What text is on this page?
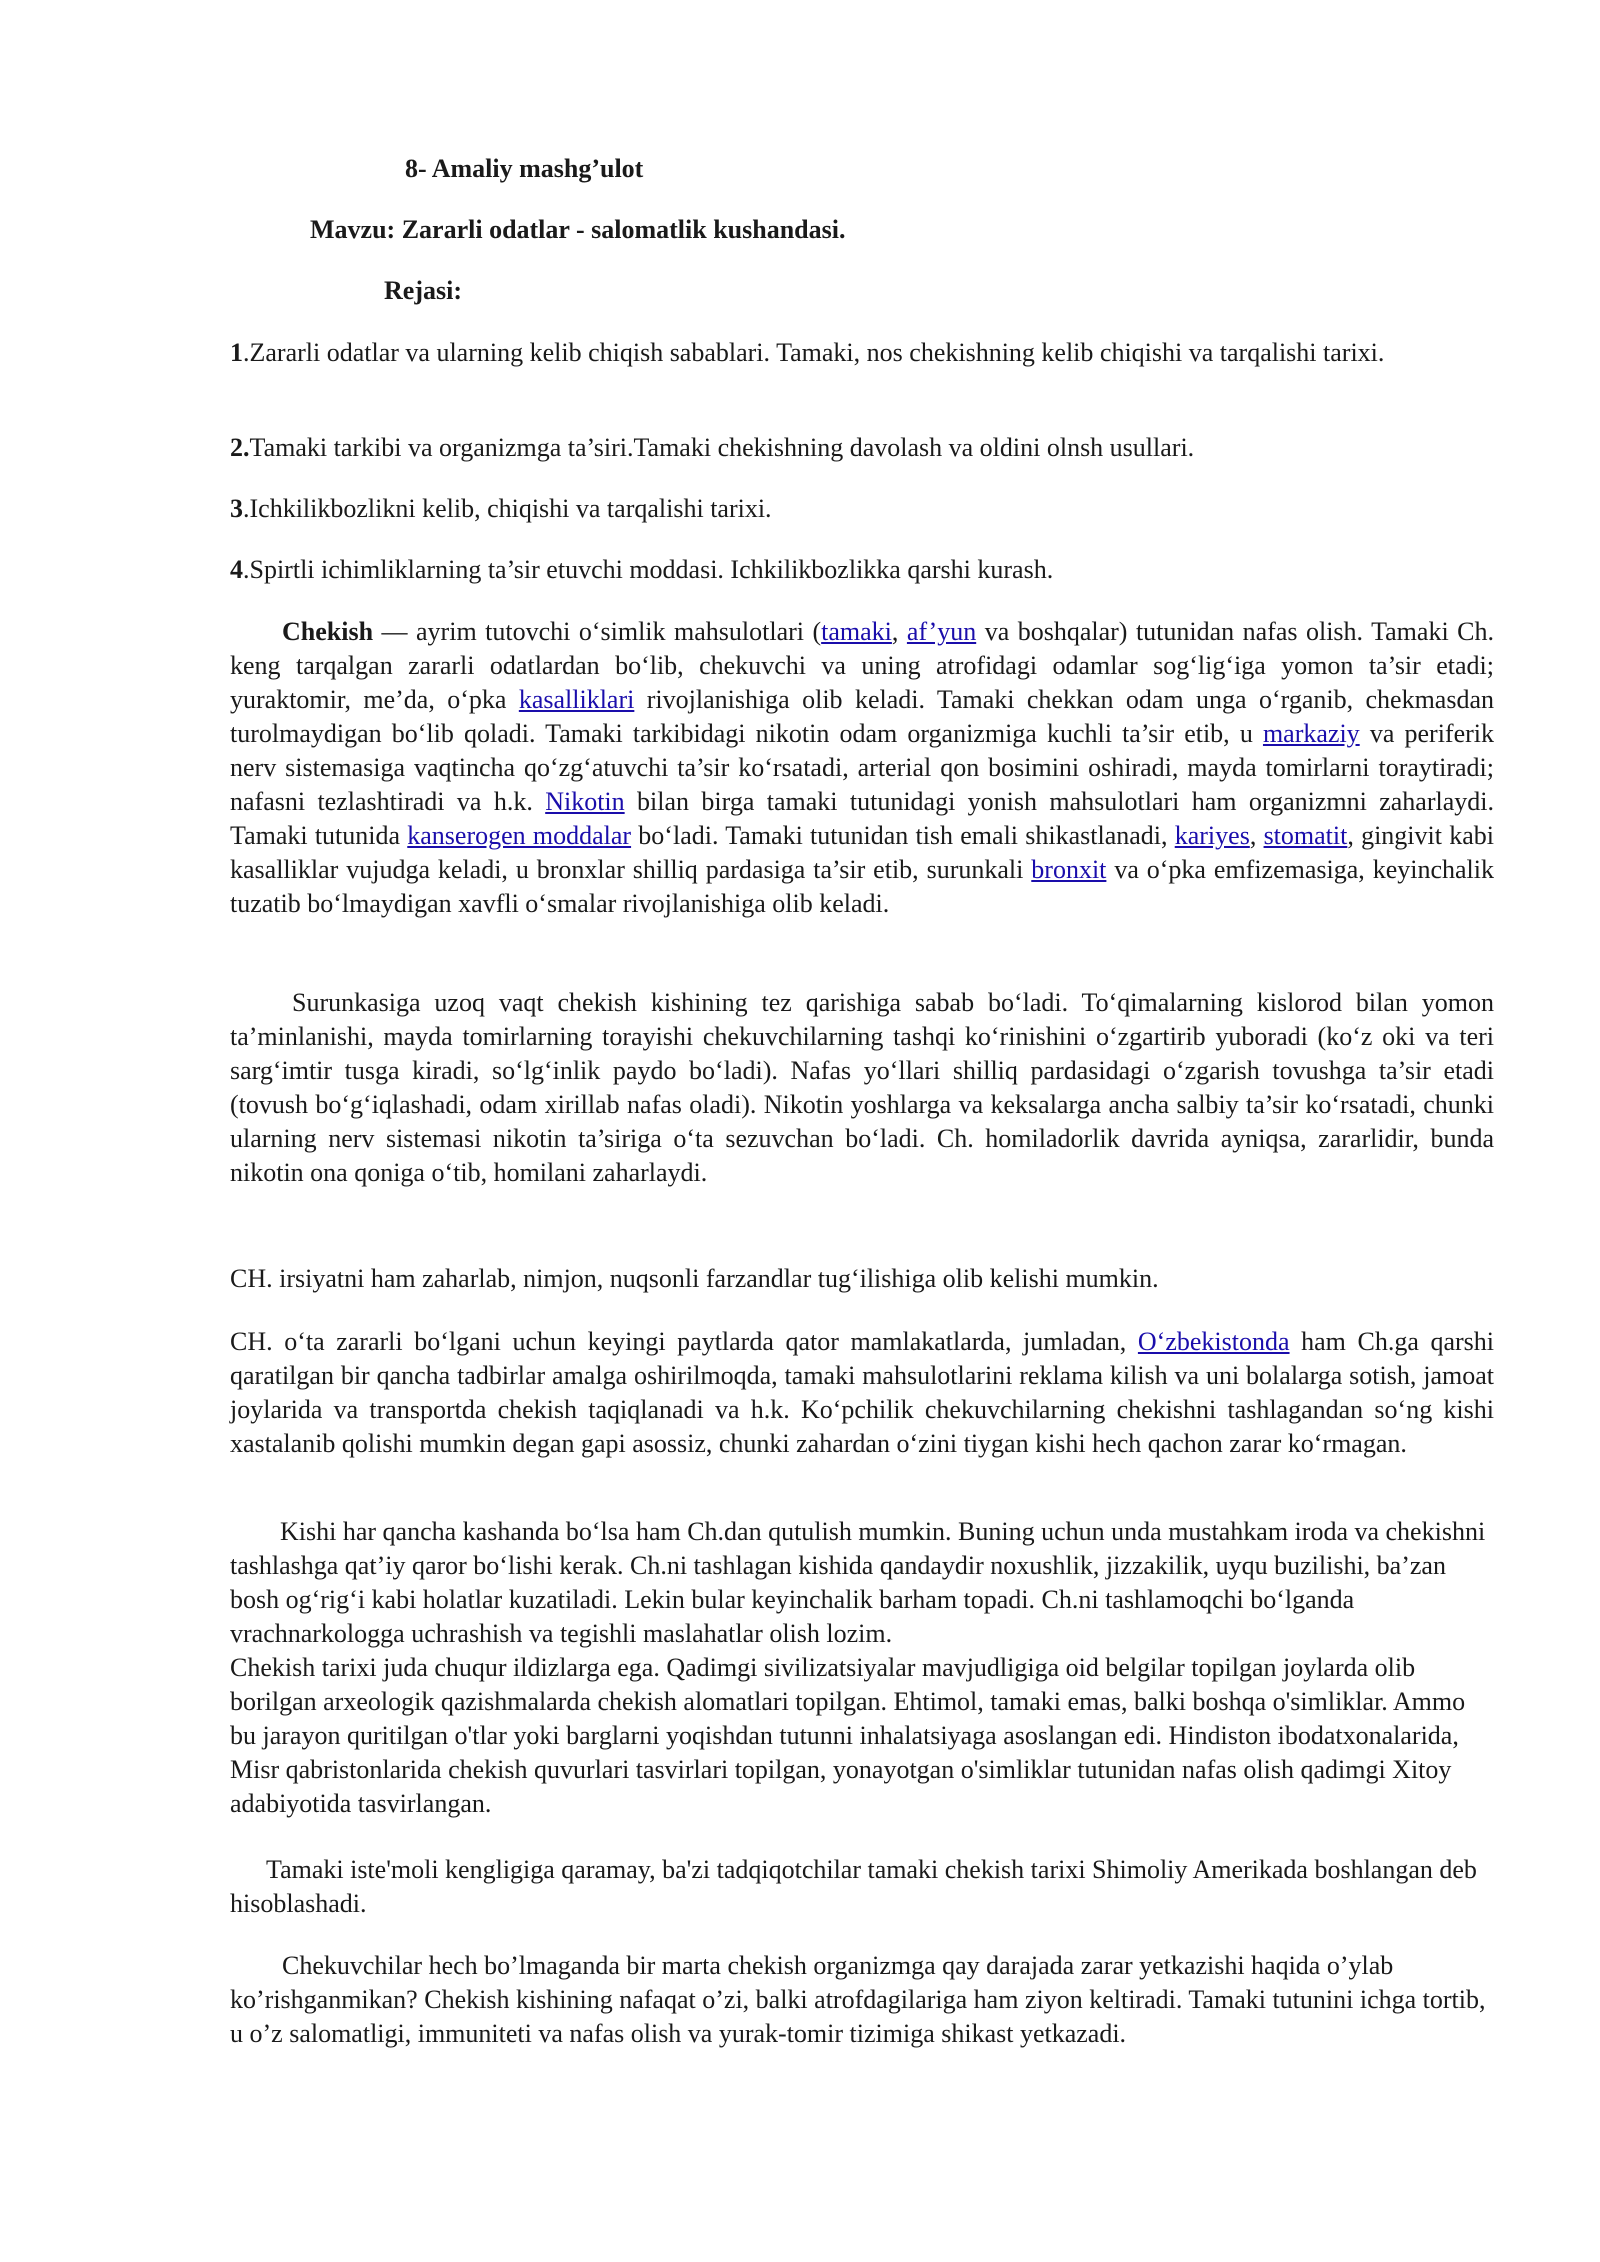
8- Amaliy mashg’ulot

Mavzu: Zararli odatlar - salomatlik kushandasi.

Rejasi:

1.Zararli odatlar va ularning kelib chiqish sabablari. Tamaki, nos chekishning kelib chiqishi va tarqalishi tarixi.

2.Tamaki tarkibi va organizmga ta’siri.Tamaki chekishning davolash va oldini olnsh usullari.

3.Ichkilikbozlikni kelib, chiqishi va tarqalishi tarixi.

4.Spirtli ichimliklarning ta’sir etuvchi moddasi. Ichkilikbozlikka qarshi kurash.

Chekish — ayrim tutovchi o‘simlik mahsulotlari (tamaki, af’yun va boshqalar) tutunidan nafas olish. Tamaki Ch. keng tarqalgan zararli odatlardan bo‘lib, chekuvchi va uning atrofidagi odamlar sog‘lig‘iga yomon ta’sir etadi; yuraktomir, me’da, o‘pka kasalliklari rivojlanishiga olib keladi. Tamaki chekkan odam unga o‘rganib, chekmasdan turolmaydigan bo‘lib qoladi. Tamaki tarkibidagi nikotin odam organizmiga kuchli ta’sir etib, u markaziy va periferik nerv sistemasiga vaqtincha qo‘zg‘atuvchi ta’sir ko‘rsatadi, arterial qon bosimini oshiradi, mayda tomirlarni toraytiradi; nafasni tezlashtiradi va h.k. Nikotin bilan birga tamaki tutunidagi yonish mahsulotlari ham organizmni zaharlaydi. Tamaki tutunida kanserogen moddalar bo‘ladi. Tamaki tutunidan tish emali shikastlanadi, kariyes, stomatit, gingivit kabi kasalliklar vujudga keladi, u bronxlar shilliq pardasiga ta’sir etib, surunkali bronxit va o‘pka emfizemasiga, keyinchalik tuzatib bo‘lmaydigan xavfli o‘smalar rivojlanishiga olib keladi.

Surunkasiga uzoq vaqt chekish kishining tez qarishiga sabab bo‘ladi. To‘qimalarning kislorod bilan yomon ta’minlanishi, mayda tomirlarning torayishi chekuvchilarning tashqi ko‘rinishini o‘zgartirib yuboradi (ko‘z oki va teri sarg‘imtir tusga kiradi, so‘lg‘inlik paydo bo‘ladi). Nafas yo‘llari shilliq pardasidagi o‘zgarish tovushga ta’sir etadi (tovush bo‘g‘iqlashadi, odam xirillab nafas oladi). Nikotin yoshlarga va keksalarga ancha salbiy ta’sir ko‘rsatadi, chunki ularning nerv sistemasi nikotin ta’siriga o‘ta sezuvchan bo‘ladi. Ch. homiladorlik davrida ayniqsa, zararlidir, bunda nikotin ona qoniga o‘tib, homilani zaharlaydi.

CH. irsiyatni ham zaharlab, nimjon, nuqsonli farzandlar tug‘ilishiga olib kelishi mumkin.

CH. o‘ta zararli bo‘lgani uchun keyingi paytlarda qator mamlakatlarda, jumladan, O‘zbekistonda ham Ch.ga qarshi qaratilgan bir qancha tadbirlar amalga oshirilmoqda, tamaki mahsulotlarini reklama kilish va uni bolalarga sotish, jamoat joylarida va transportda chekish taqiqlanadi va h.k. Ko‘pchilik chekuvchilarning chekishni tashlagandan so‘ng kishi xastalanib qolishi mumkin degan gapi asossiz, chunki zahardan o‘zini tiygan kishi hech qachon zarar ko‘rmagan.

Kishi har qancha kashanda bo‘lsa ham Ch.dan qutulish mumkin. Buning uchun unda mustahkam iroda va chekishni tashlashga qat’iy qaror bo‘lishi kerak. Ch.ni tashlagan kishida qandaydir noxushlik, jizzakilik, uyqu buzilishi, ba’zan bosh og‘rig‘i kabi holatlar kuzatiladi. Lekin bular keyinchalik barham topadi. Ch.ni tashlamoqchi bo‘lganda vrachnarkologga uchrashish va tegishli maslahatlar olish lozim.

Chekish tarixi juda chuqur ildizlarga ega. Qadimgi sivilizatsiyalar mavjudligiga oid belgilar topilgan joylarda olib borilgan arxeologik qazishmalarda chekish alomatlari topilgan. Ehtimol, tamaki emas, balki boshqa o'simliklar. Ammo bu jarayon quritilgan o'tlar yoki barglarni yoqishdan tutunni inhalatsiyaga asoslangan edi. Hindiston ibodatxonalarida, Misr qabristonlarida chekish quvurlari tasvirlari topilgan, yonayotgan o'simliklar tutunidan nafas olish qadimgi Xitoy adabiyotida tasvirlangan.

Tamaki iste'moli kengligiga qaramay, ba'zi tadqiqotchilar tamaki chekish tarixi Shimoliy Amerikada boshlangan deb hisoblashadi.

Chekuvchilar hech bo’lmaganda bir marta chekish organizmga qay darajada zarar yetkazishi haqida o’ylab ko’rishganmikan? Chekish kishining nafaqat o’zi, balki atrofdagilariga ham ziyon keltiradi. Tamaki tutunini ichga tortib, u o’z salomatligi, immuniteti va nafas olish va yurak-tomir tizimiga shikast yetkazadi.
